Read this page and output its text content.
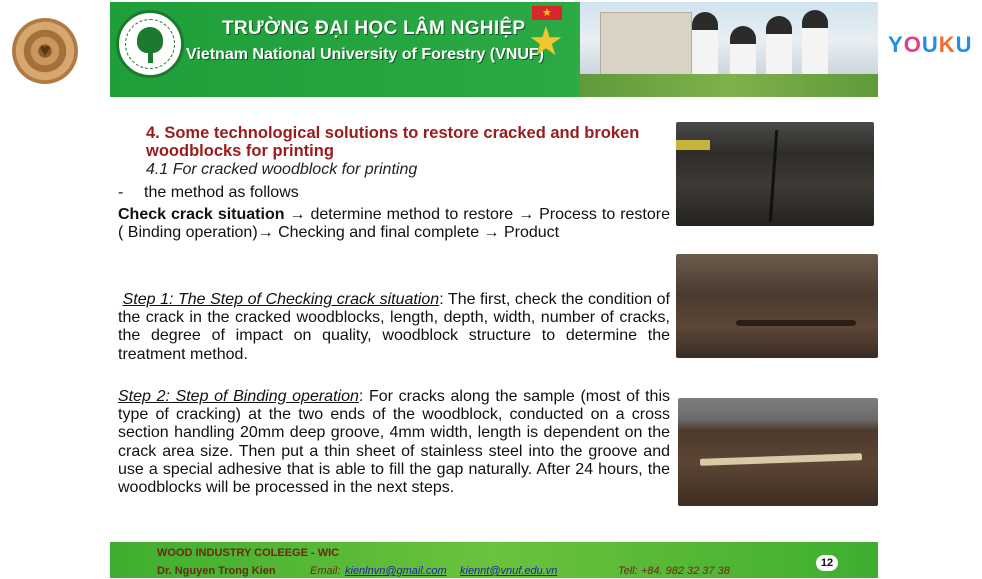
♥	YOUKU
TRƯỜNG ĐẠI HỌC LÂM NGHIỆP
Vietnam National University of Forestry (VNUF)
★
★

4. Some technological solutions to restore cracked and broken woodblocks for printing

4.1 For cracked woodblock for printing

- the method as follows

Check crack situation → determine method to restore → Process to restore ( Binding operation)→ Checking and final complete → Product

Step 1: The Step of Checking crack situation: The first, check the condition of the crack in the cracked woodblocks, length, depth, width, number of cracks, the degree of impact on quality, woodblock structure to determine the treatment method.

Step 2: Step of Binding operation: For cracks along the sample (most of this type of cracking) at the two ends of the woodblock, conducted on a cross section handling 20mm deep groove, 4mm width, length is dependent on the crack area size. Then put a thin sheet of stainless steel into the groove and use a special adhesive that is able to fill the gap naturally. After 24 hours, the woodblocks will be processed in the next steps.

WOOD INDUSTRY COLEEGE - WIC
Dr. Nguyen Trong Kien	Email: kienlnvn@gmail.com kiennt@vnuf.edu.vn	Tell: +84. 982 32 37 38
12
